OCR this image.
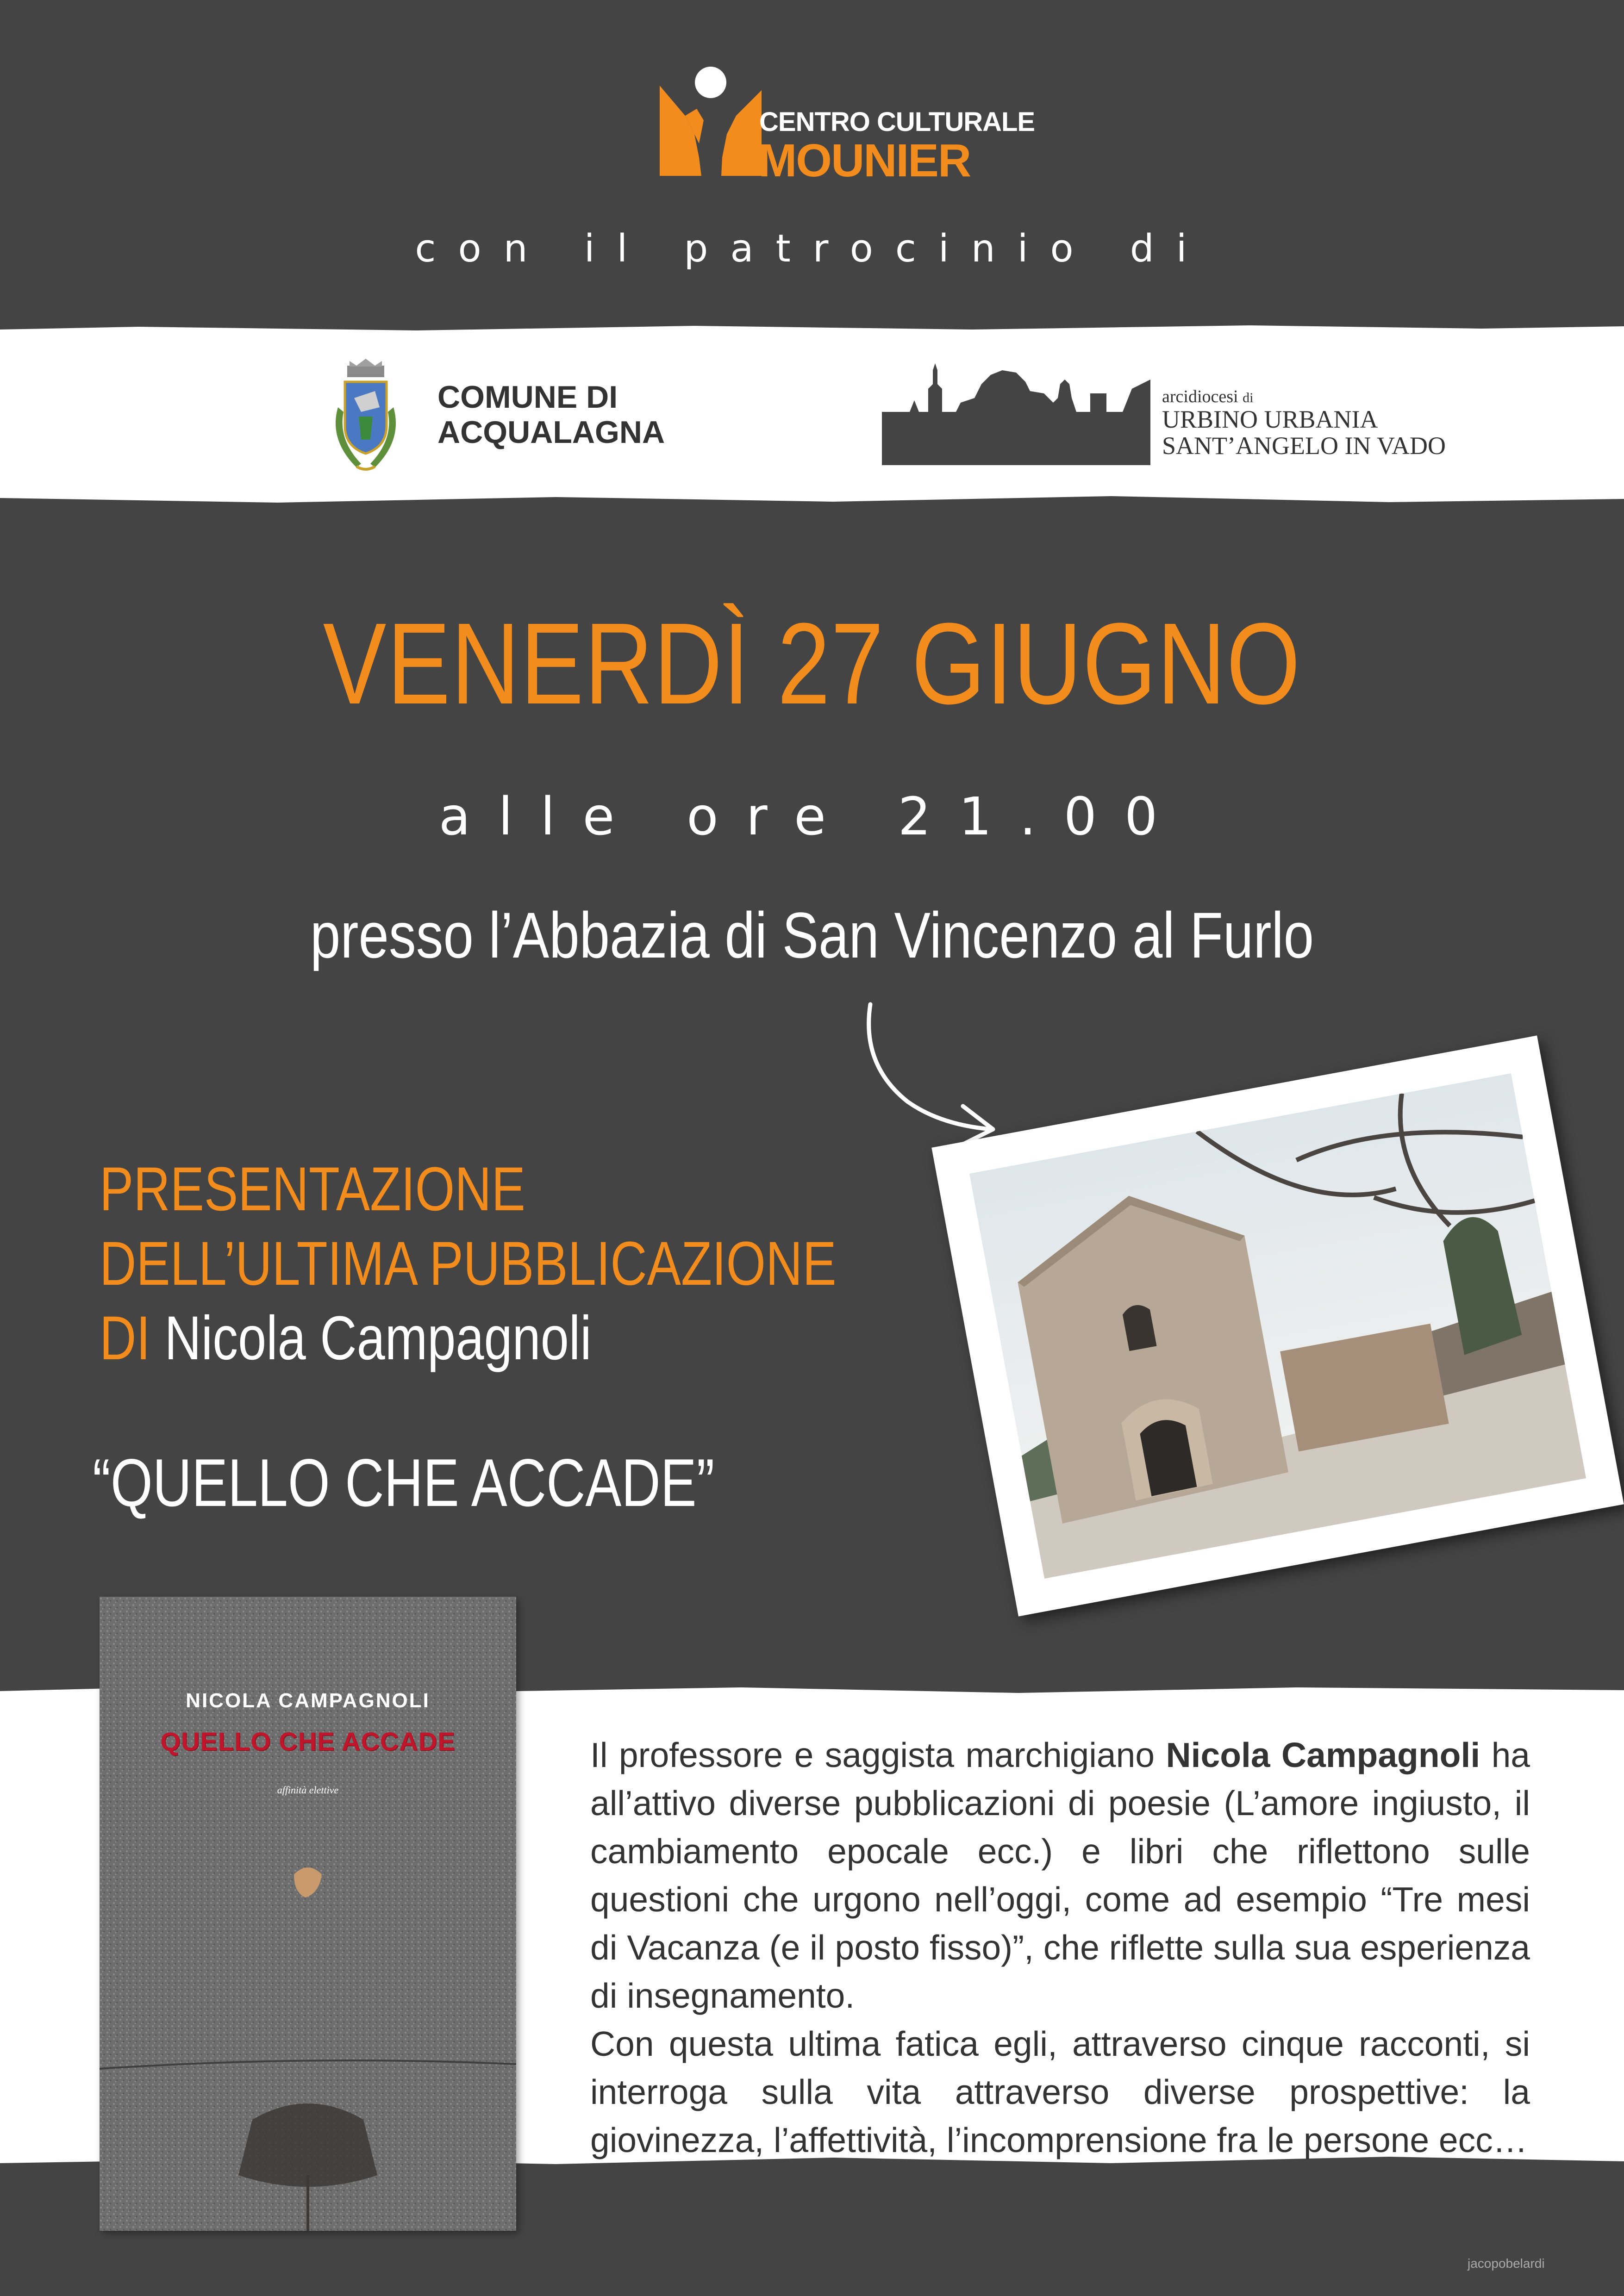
CENTRO CULTURALE
MOUNIER
con il patrocinio di
COMUNE DI
ACQUALAGNA
arcidiocesi di
URBINO URBANIA
SANT’ANGELO IN VADO
VENERDÌ 27 GIUGNO
alle ore 21.00
presso l’Abbazia di San Vincenzo al Furlo
PRESENTAZIONE
DELL’ULTIMA PUBBLICAZIONE
DI Nicola Campagnoli
“QUELLO CHE ACCADE”
Il professore e saggista marchigiano Nicola Campagnoli ha all’attivo diverse pubblicazioni di poesie (L’amore ingiusto, il cambiamento epocale ecc.) e libri che riflettono sulle questioni che urgono nell’oggi, come ad esempio “Tre mesi di Vacanza (e il posto fisso)”, che riflette sulla sua esperienza di insegnamento.
Con questa ultima fatica egli, attraverso cinque racconti, si interroga sulla vita attraverso diverse prospettive: la giovinezza, l’affettività, l’incomprensione fra le persone ecc…
NICOLA CAMPAGNOLI
QUELLO CHE ACCADE
affinità elettive
jacopobelardi
